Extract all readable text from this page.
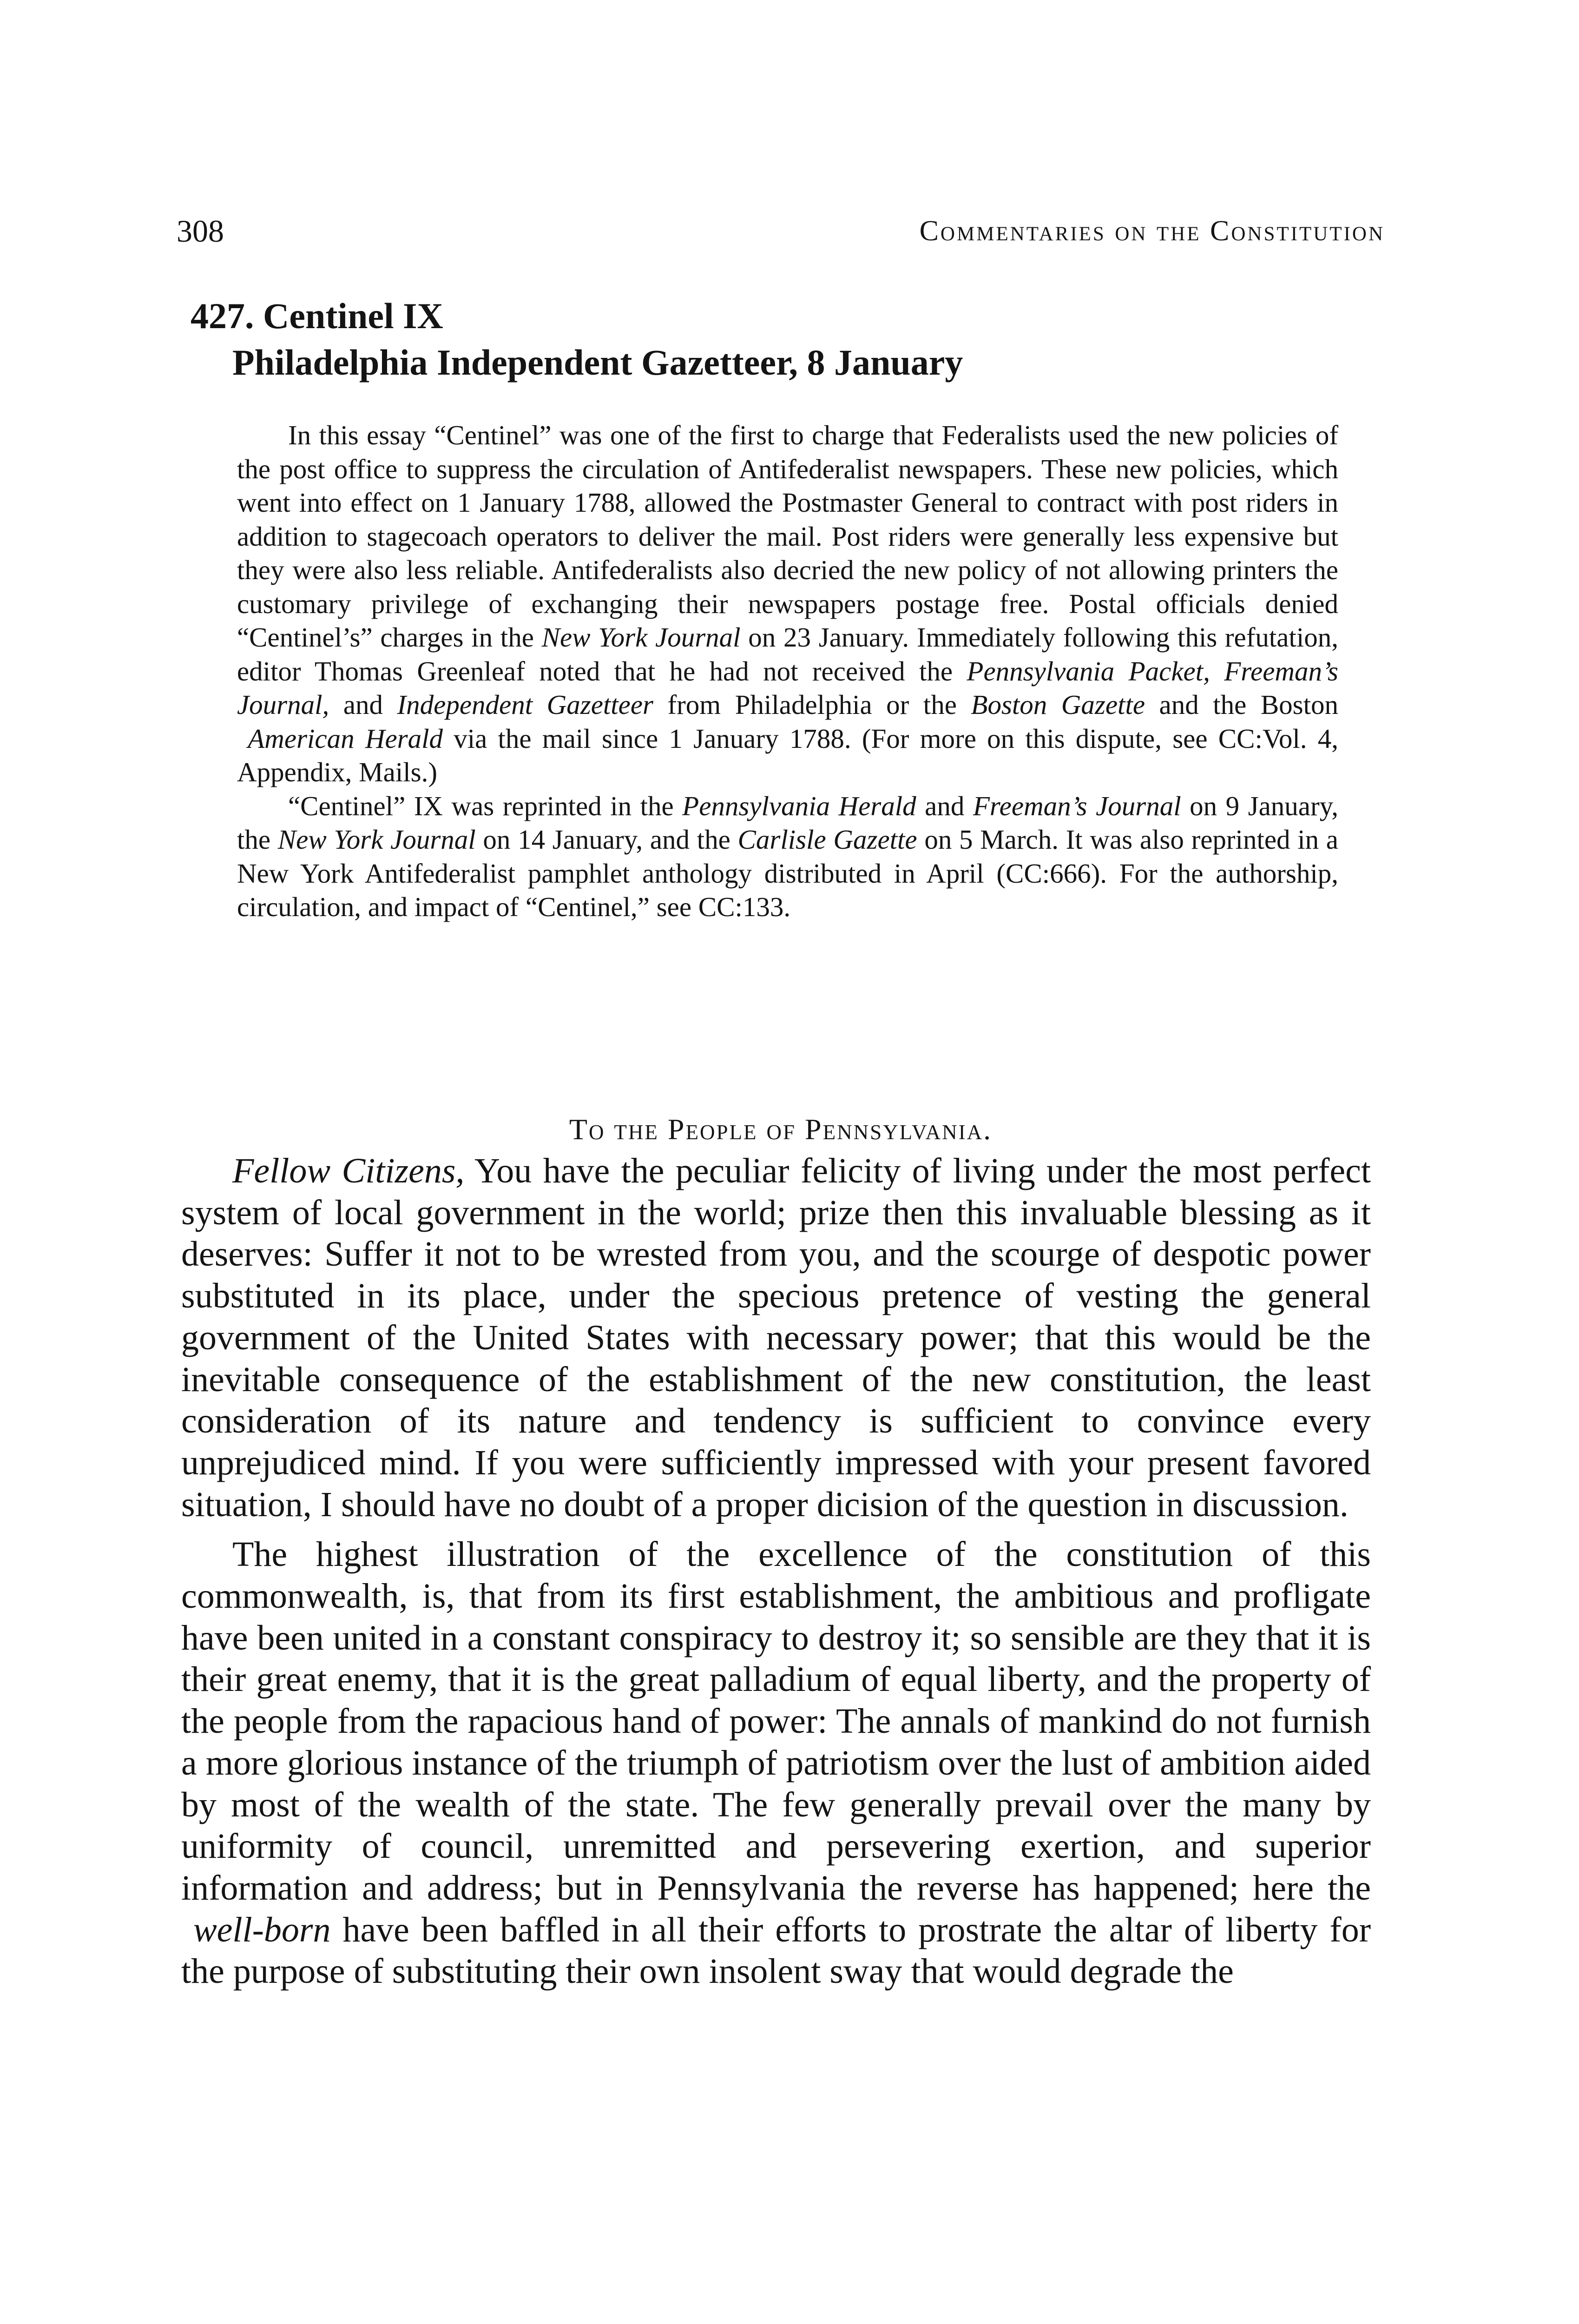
308	Commentaries on the Constitution
427. Centinel IX
Philadelphia Independent Gazetteer, 8 January

In this essay “Centinel” was one of the first to charge that Federalists used the new policies of the post office to suppress the circulation of Antifederalist newspapers. These new policies, which went into effect on 1 January 1788, allowed the Postmaster General to contract with post riders in addition to stagecoach operators to deliver the mail. Post riders were generally less expensive but they were also less reliable. Antifederalists also decried the new policy of not allowing printers the customary privilege of exchanging their newspapers postage free. Postal officials denied “Centinel’s” charges in the New York Journal on 23 January. Immediately following this refutation, editor Thomas Greenleaf noted that he had not received the Pennsylvania Packet, Freeman’s Journal, and Independent Gazetteer from Philadelphia or the Boston Gazette and the Boston American Herald via the mail since 1 January 1788. (For more on this dispute, see CC:Vol. 4, Appendix, Mails.)

“Centinel” IX was reprinted in the Pennsylvania Herald and Freeman’s Journal on 9 January, the New York Journal on 14 January, and the Carlisle Gazette on 5 March. It was also reprinted in a New York Antifederalist pamphlet anthology distributed in April (CC:666). For the authorship, circulation, and impact of “Centinel,” see CC:133.

To the People of Pennsylvania.

Fellow Citizens, You have the peculiar felicity of living under the most perfect system of local government in the world; prize then this invaluable blessing as it deserves: Suffer it not to be wrested from you, and the scourge of despotic power substituted in its place, under the specious pretence of vesting the general government of the United States with necessary power; that this would be the inevitable consequence of the establishment of the new constitution, the least consideration of its nature and tendency is sufficient to convince every unprejudiced mind. If you were sufficiently impressed with your present favored situation, I should have no doubt of a proper dicision of the question in discussion.

The highest illustration of the excellence of the constitution of this commonwealth, is, that from its first establishment, the ambitious and profligate have been united in a constant conspiracy to destroy it; so sensible are they that it is their great enemy, that it is the great palladium of equal liberty, and the property of the people from the rapacious hand of power: The annals of mankind do not furnish a more glorious instance of the triumph of patriotism over the lust of ambition aided by most of the wealth of the state. The few generally prevail over the many by uniformity of council, unremitted and persevering exertion, and superior information and address; but in Pennsylvania the reverse has happened; here the well-born have been baffled in all their efforts to prostrate the altar of liberty for the purpose of substituting their own insolent sway that would degrade the
